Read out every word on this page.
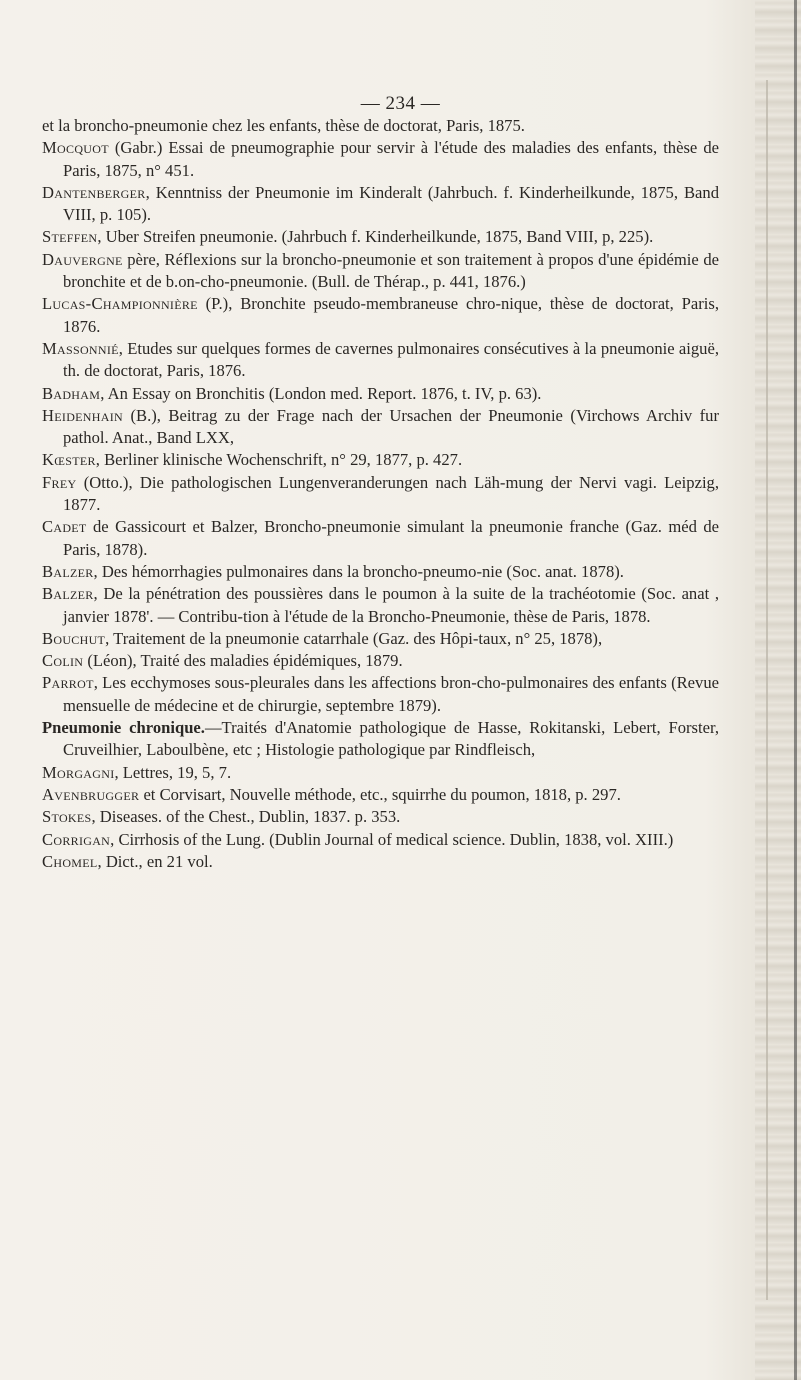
— 234 —

et la broncho-pneumonie chez les enfants, thèse de doctorat, Paris, 1875.

Mocquot (Gabr.) Essai de pneumographie pour servir à l'étude des maladies des enfants, thèse de Paris, 1875, n° 451.

Dantenberger, Kenntniss der Pneumonie im Kinderalt (Jahrbuch. f. Kinderheilkunde, 1875, Band VIII, p. 105).

Steffen, Uber Streifen pneumonie. (Jahrbuch f. Kinderheilkunde, 1875, Band VIII, p, 225).

Dauvergne père, Réflexions sur la broncho-pneumonie et son traitement à propos d'une épidémie de bronchite et de b.on-cho-pneumonie. (Bull. de Thérap., p. 441, 1876.)

Lucas-Championnière (P.), Bronchite pseudo-membraneuse chro-nique, thèse de doctorat, Paris, 1876.

Massonnié, Etudes sur quelques formes de cavernes pulmonaires consécutives à la pneumonie aiguë, th. de doctorat, Paris, 1876.

Badham, An Essay on Bronchitis (London med. Report. 1876, t. IV, p. 63).

Heidenhain (B.), Beitrag zu der Frage nach der Ursachen der Pneumonie (Virchows Archiv fur pathol. Anat., Band LXX,

Kœster, Berliner klinische Wochenschrift, n° 29, 1877, p. 427.

Frey (Otto.), Die pathologischen Lungenveranderungen nach Läh-mung der Nervi vagi. Leipzig, 1877.

Cadet de Gassicourt et Balzer, Broncho-pneumonie simulant la pneumonie franche (Gaz. méd de Paris, 1878).

Balzer, Des hémorrhagies pulmonaires dans la broncho-pneumo-nie (Soc. anat. 1878).

Balzer, De la pénétration des poussières dans le poumon à la suite de la trachéotomie (Soc. anat , janvier 1878'. — Contribu-tion à l'étude de la Broncho-Pneumonie, thèse de Paris, 1878.

Bouchut, Traitement de la pneumonie catarrhale (Gaz. des Hôpi-taux, n° 25, 1878),

Colin (Léon), Traité des maladies épidémiques, 1879.

Parrot, Les ecchymoses sous-pleurales dans les affections bron-cho-pulmonaires des enfants (Revue mensuelle de médecine et de chirurgie, septembre 1879).

Pneumonie chronique.—Traités d'Anatomie pathologique de Hasse, Rokitanski, Lebert, Forster, Cruveilhier, Laboulbène, etc ; Histologie pathologique par Rindfleisch,

Morgagni, Lettres, 19, 5, 7.

Avenbrugger et Corvisart, Nouvelle méthode, etc., squirrhe du poumon, 1818, p. 297.

Stokes, Diseases. of the Chest., Dublin, 1837. p. 353.

Corrigan, Cirrhosis of the Lung. (Dublin Journal of medical science. Dublin, 1838, vol. XIII.)

Chomel, Dict., en 21 vol.
